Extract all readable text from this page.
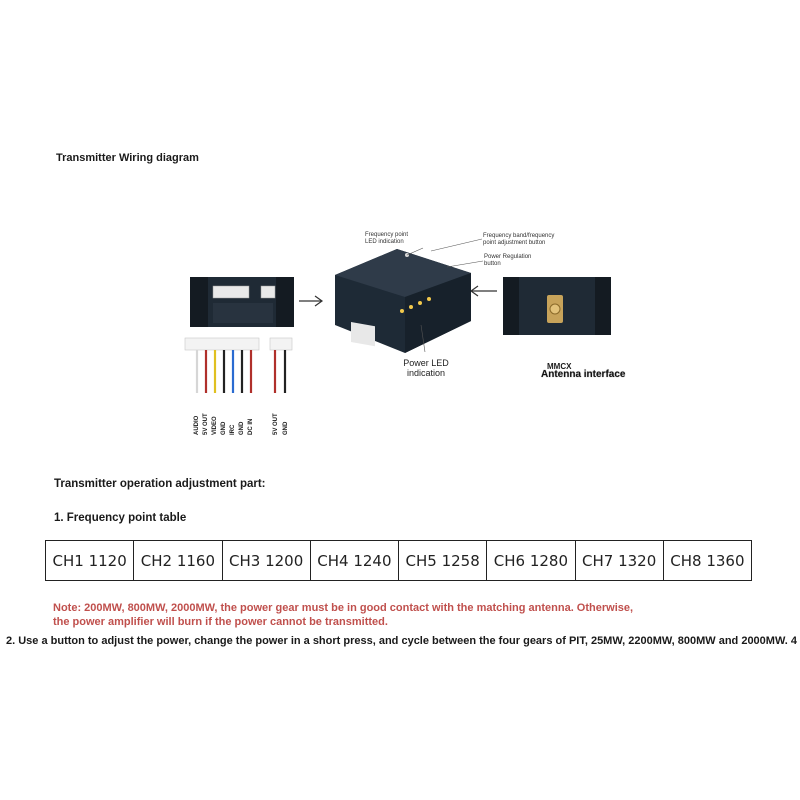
Transmitter Wiring diagram
Frequency point
LED indication
Frequency band/frequency
point adjustment button
Power Regulation
button
Power LED
indication
MMCX
Antenna interface
AUDIO 5V OUT VIDEO GND IRC GND DC IN	5V OUT GND
Transmitter operation adjustment part:
1. Frequency point table
CH1 1120	CH2 1160	CH3 1200	CH4 1240	CH5 1258	CH6 1280	CH7 1320	CH8 1360
Note: 200MW, 800MW, 2000MW, the power gear must be in good contact with the matching antenna. Otherwise,
the power amplifier will burn if the power cannot be transmitted.
2. Use a button to adjust the power, change the power in a short press, and cycle between the four gears of PIT, 25MW, 2200MW, 800MW and 2000MW. 4
